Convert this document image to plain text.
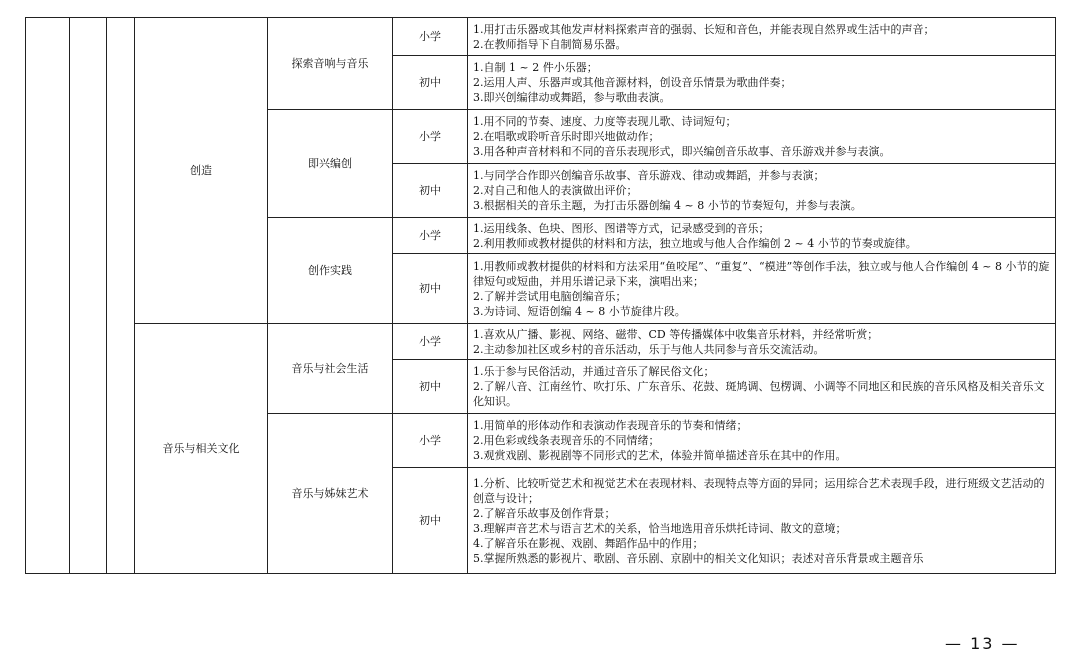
			创造	探索音响与音乐	小学	1.用打击乐器或其他发声材料探索声音的强弱、长短和音色，并能表现自然界或生活中的声音；
2.在教师指导下自制简易乐器。

					初中	1.自制 1 ~ 2 件小乐器；
2.运用人声、乐器声或其他音源材料，创设音乐情景为歌曲伴奏；
3.即兴创编律动或舞蹈，参与歌曲表演。

				即兴编创	小学	1.用不同的节奏、速度、力度等表现儿歌、诗词短句；
2.在唱歌或聆听音乐时即兴地做动作；
3.用各种声音材料和不同的音乐表现形式，即兴编创音乐故事、音乐游戏并参与表演。

					初中	1.与同学合作即兴创编音乐故事、音乐游戏、律动或舞蹈，并参与表演；
2.对自己和他人的表演做出评价；
3.根据相关的音乐主题，为打击乐器创编 4 ~ 8 小节的节奏短句，并参与表演。

				创作实践	小学	1.运用线条、色块、图形、图谱等方式，记录感受到的音乐；
2.利用教师或教材提供的材料和方法，独立地或与他人合作编创 2 ~ 4 小节的节奏或旋律。

					初中	1.用教师或教材提供的材料和方法采用“鱼咬尾”、“重复”、“模进”等创作手法，独立或与他人合作编创 4 ~ 8 小节的旋律短句或短曲，并用乐谱记录下来，演唱出来；
2.了解并尝试用电脑创编音乐；
3.为诗词、短语创编 4 ~ 8 小节旋律片段。

			音乐与相关文化	音乐与社会生活	小学	1.喜欢从广播、影视、网络、磁带、CD 等传播媒体中收集音乐材料，并经常听赏；
2.主动参加社区或乡村的音乐活动，乐于与他人共同参与音乐交流活动。

					初中	1.乐于参与民俗活动，并通过音乐了解民俗文化；
2.了解八音、江南丝竹、吹打乐、广东音乐、花鼓、斑鸠调、包楞调、小调等不同地区和民族的音乐风格及相关音乐文化知识。

				音乐与姊妹艺术	小学	1.用简单的形体动作和表演动作表现音乐的节奏和情绪；
2.用色彩或线条表现音乐的不同情绪；
3.观赏戏剧、影视剧等不同形式的艺术，体验并简单描述音乐在其中的作用。

					初中	1.分析、比较听觉艺术和视觉艺术在表现材料、表现特点等方面的异同；运用综合艺术表现手段，进行班级文艺活动的创意与设计；
2.了解音乐故事及创作背景；
3.理解声音艺术与语言艺术的关系，恰当地选用音乐烘托诗词、散文的意境；
4.了解音乐在影视、戏剧、舞蹈作品中的作用；
5.掌握所熟悉的影视片、歌剧、音乐剧、京剧中的相关文化知识；表述对音乐背景或主题音乐
— 13 —
